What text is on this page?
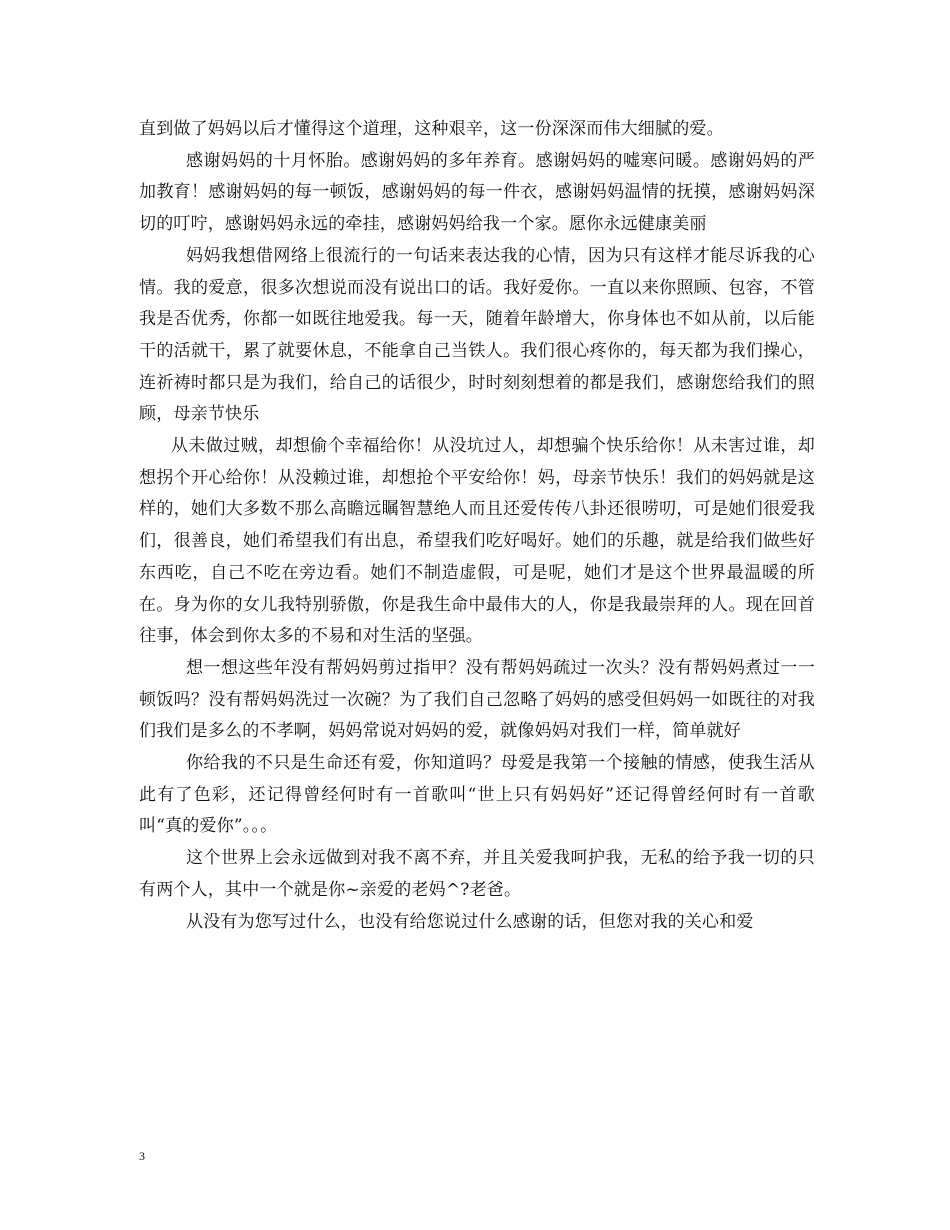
直到做了妈妈以后才懂得这个道理，这种艰辛，这一份深深而伟大细腻的爱。

感谢妈妈的十月怀胎。感谢妈妈的多年养育。感谢妈妈的嘘寒问暖。感谢妈妈的严加教育！感谢妈妈的每一顿饭，感谢妈妈的每一件衣，感谢妈妈温情的抚摸，感谢妈妈深切的叮咛，感谢妈妈永远的牵挂，感谢妈妈给我一个家。愿你永远健康美丽

妈妈我想借网络上很流行的一句话来表达我的心情，因为只有这样才能尽诉我的心情。我的爱意，很多次想说而没有说出口的话。我好爱你。一直以来你照顾、包容，不管我是否优秀，你都一如既往地爱我。每一天，随着年龄增大，你身体也不如从前，以后能干的活就干，累了就要休息，不能拿自己当铁人。我们很心疼你的，每天都为我们操心，连祈祷时都只是为我们，给自己的话很少，时时刻刻想着的都是我们，感谢您给我们的照顾，母亲节快乐

从未做过贼，却想偷个幸福给你！从没坑过人，却想骗个快乐给你！从未害过谁，却想拐个开心给你！从没赖过谁，却想抢个平安给你！妈，母亲节快乐！我们的妈妈就是这样的，她们大多数不那么高瞻远瞩智慧绝人而且还爱传传八卦还很唠叨，可是她们很爱我们，很善良，她们希望我们有出息，希望我们吃好喝好。她们的乐趣，就是给我们做些好东西吃，自己不吃在旁边看。她们不制造虚假，可是呢，她们才是这个世界最温暖的所在。身为你的女儿我特别骄傲，你是我生命中最伟大的人，你是我最崇拜的人。现在回首往事，体会到你太多的不易和对生活的坚强。

想一想这些年没有帮妈妈剪过指甲？没有帮妈妈疏过一次头？没有帮妈妈煮过一一顿饭吗？没有帮妈妈洗过一次碗？为了我们自己忽略了妈妈的感受但妈妈一如既往的对我们我们是多么的不孝啊，妈妈常说对妈妈的爱，就像妈妈对我们一样，简单就好

你给我的不只是生命还有爱，你知道吗？母爱是我第一个接触的情感，使我生活从此有了色彩，还记得曾经何时有一首歌叫“世上只有妈妈好”还记得曾经何时有一首歌叫“真的爱你”。。。

这个世界上会永远做到对我不离不弃，并且关爱我呵护我，无私的给予我一切的只有两个人，其中一个就是你~亲爱的老妈^?老爸。

从没有为您写过什么，也没有给您说过什么感谢的话，但您对我的关心和爱

3
